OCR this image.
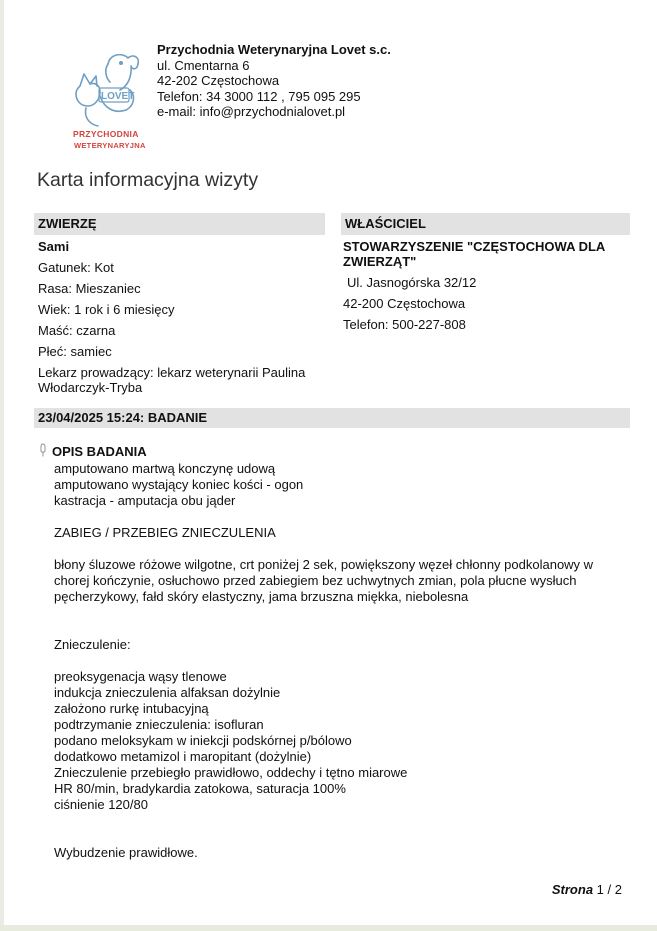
LOVET
PRZYCHODNIA
WETERYNARYJNA
Przychodnia Weterynaryjna Lovet s.c.
ul. Cmentarna 6
42-202 Częstochowa
Telefon: 34 3000 112 , 795 095 295
e-mail: info@przychodnialovet.pl
Karta informacyjna wizyty
ZWIERZĘ
Sami
Gatunek: Kot
Rasa: Mieszaniec
Wiek: 1 rok i 6 miesięcy
Maść: czarna
Płeć: samiec
Lekarz prowadzący: lekarz weterynarii Paulina Włodarczyk-Tryba
WŁAŚCICIEL
STOWARZYSZENIE "CZĘSTOCHOWA DLA ZWIERZĄT"
Ul. Jasnogórska 32/12
42-200 Częstochowa
Telefon: 500-227-808
23/04/2025 15:24: BADANIE
OPIS BADANIA
amputowano martwą konczynę udową
amputowano wystający koniec kości - ogon
kastracja - amputacja obu jąder

ZABIEG / PRZEBIEG ZNIECZULENIA

błony śluzowe różowe wilgotne, crt poniżej 2 sek, powiększony węzeł chłonny podkolanowy w chorej kończynie, osłuchowo przed zabiegiem bez uchwytnych zmian, pola płucne wysłuch pęcherzykowy, fałd skóry elastyczny, jama brzuszna miękka, niebolesna

Znieczulenie:

preoksygenacja wąsy tlenowe
indukcja znieczulenia alfaksan dożylnie
założono rurkę intubacyjną
podtrzymanie znieczulenia: isofluran
podano meloksykam w iniekcji podskórnej p/bólowo
dodatkowo metamizol i maropitant (dożylnie)
Znieczulenie przebiegło prawidłowo, oddechy i tętno miarowe
HR 80/min, bradykardia zatokowa, saturacja 100%
ciśnienie 120/80

Wybudzenie prawidłowe.
Strona 1 / 2
